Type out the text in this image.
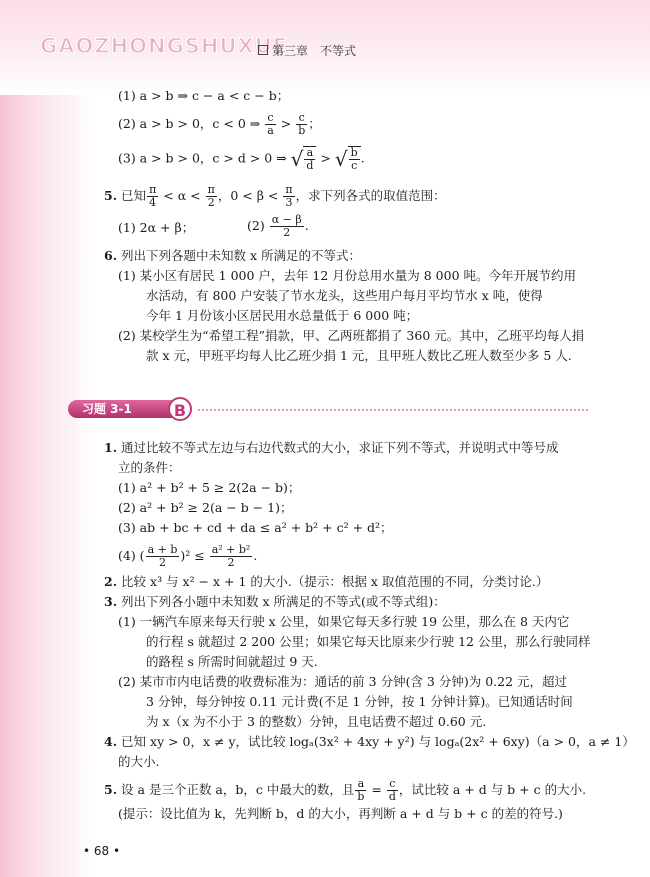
GAOZHONGSHUXUE
第三章　不等式
(1) a > b ⇒ c − a < c − b；
(2) a > b > 0，c < 0 ⇒ $\frac{c}{a} > \frac{c}{b}$ ；
(3) a > b > 0，c > d > 0 ⇒ √ $\frac{a}{d}$ > √ $\frac{b}{c}$ .
5. 已知 $\frac{\pi}{4} < \alpha < \frac{\pi}{2}$ ，$0 < \beta < \frac{\pi}{3}$ ，求下列各式的取值范围：
(1) 2α + β；	$(2) \frac{\alpha - \beta}{2}$ .
6. 列出下列各题中未知数 x 所满足的不等式：
(1) 某小区有居民 1 000 户，去年 12 月份总用水量为 8 000 吨。今年开展节约用
水活动，有 800 户安装了节水龙头，这些用户每月平均节水 x 吨，使得
今年 1 月份该小区居民用水总量低于 6 000 吨；
(2) 某校学生为“希望工程”捐款，甲、乙两班都捐了 360 元。其中，乙班平均每人捐
款 x 元，甲班平均每人比乙班少捐 1 元，且甲班人数比乙班人数至少多 5 人.
习题 3-1	B
1. 通过比较不等式左边与右边代数式的大小，求证下列不等式，并说明式中等号成
立的条件：
(1) a² + b² + 5 ≥ 2(2a − b)；
(2) a² + b² ≥ 2(a − b − 1)；
(3) ab + bc + cd + da ≤ a² + b² + c² + d²；
(4) ( $\frac{a + b}{2} )^2 \le \frac{\text{a² + b²}}{2}$ .
2. 比较 x³ 与 x² − x + 1 的大小.（提示：根据 x 取值范围的不同，分类讨论.）
3. 列出下列各小题中未知数 x 所满足的不等式(或不等式组)：
(1) 一辆汽车原来每天行驶 x 公里，如果它每天多行驶 19 公里，那么在 8 天内它
的行程 s 就超过 2 200 公里；如果它每天比原来少行驶 12 公里，那么行驶同样
的路程 s 所需时间就超过 9 天.
(2) 某市市内电话费的收费标准为：通话的前 3 分钟(含 3 分钟)为 0.22 元，超过
3 分钟，每分钟按 0.11 元计费(不足 1 分钟，按 1 分钟计算)。已知通话时间
为 x（x 为不小于 3 的整数）分钟，且电话费不超过 0.60 元.
4. 已知 xy > 0，x ≠ y，试比较 logₐ(3x² + 4xy + y²) 与 logₐ(2x² + 6xy)（a > 0，a ≠ 1）
的大小.
5. 设 a 是三个正数 a，b，c 中最大的数，且 $\frac{a}{b} = \frac{c}{d}$ ，试比较 a + d 与 b + c 的大小.
(提示：设比值为 k，先判断 b，d 的大小，再判断 a + d 与 b + c 的差的符号.)
• 68 •
